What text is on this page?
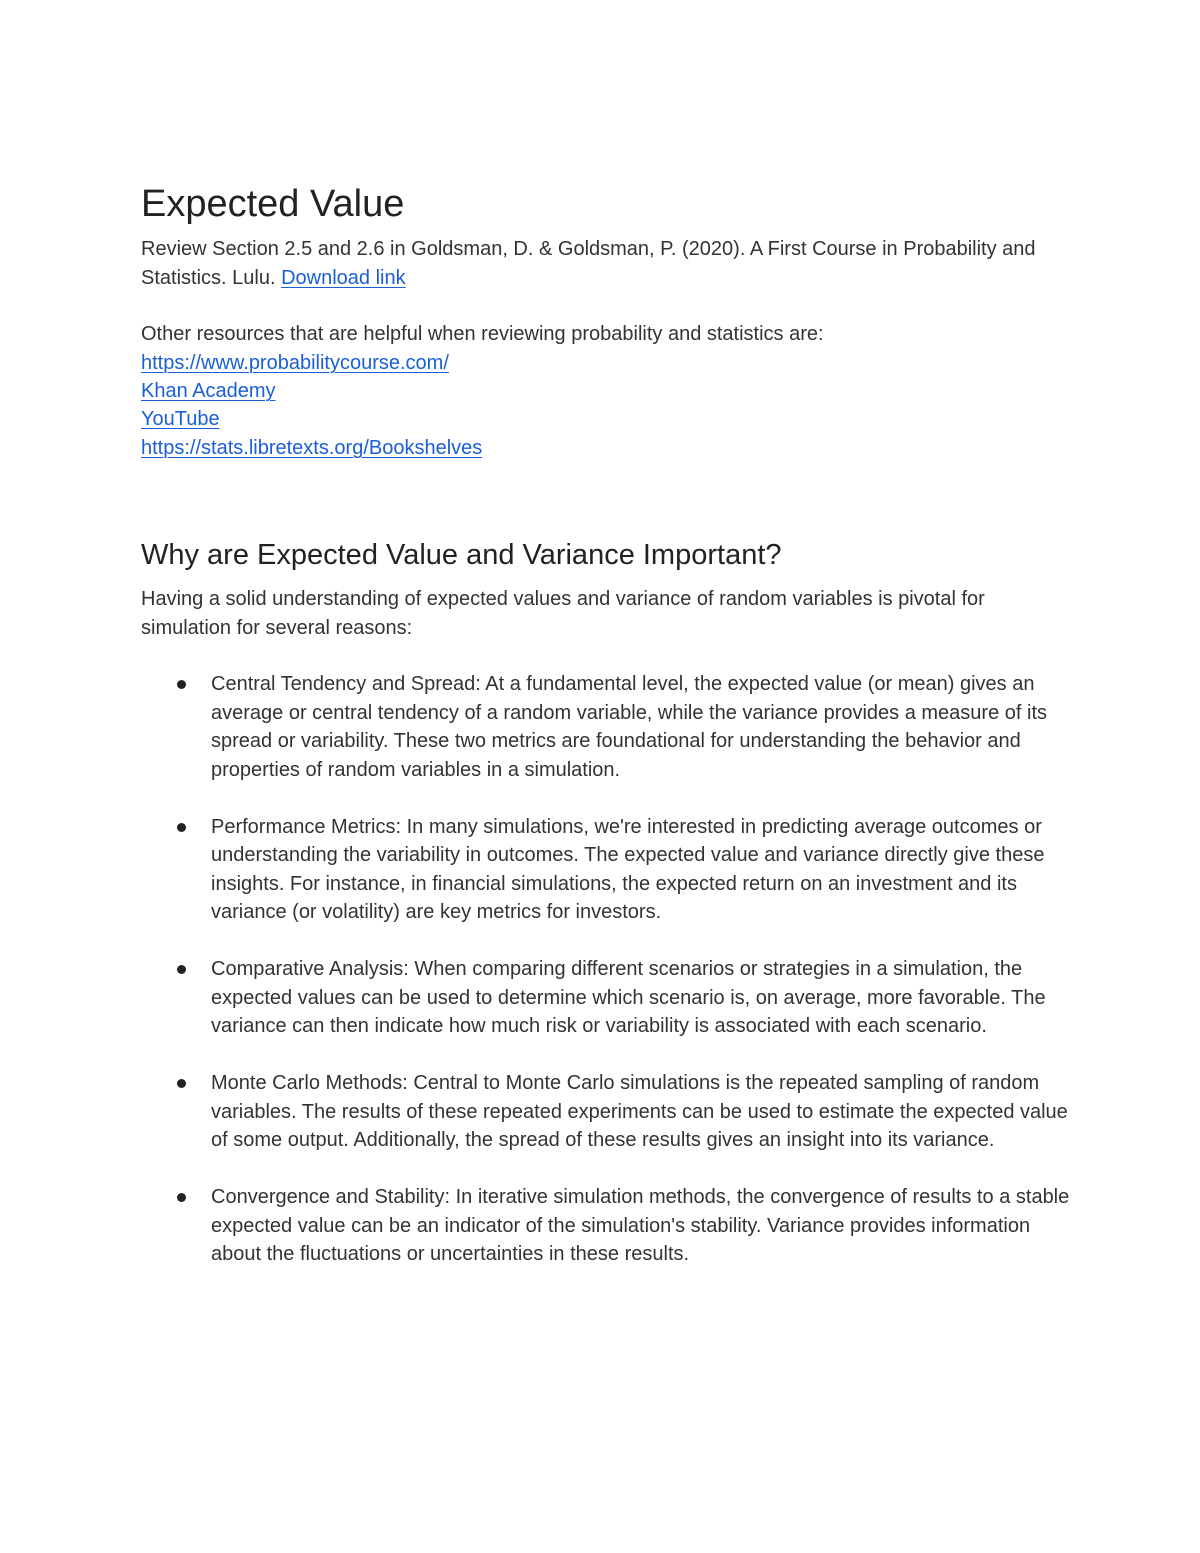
Expected Value

Review Section 2.5 and 2.6 in Goldsman, D. & Goldsman, P. (2020). A First Course in Probability and Statistics. Lulu. Download link

Other resources that are helpful when reviewing probability and statistics are:

https://www.probabilitycourse.com/
Khan Academy
YouTube
https://stats.libretexts.org/Bookshelves
Why are Expected Value and Variance Important?

Having a solid understanding of expected values and variance of random variables is pivotal for simulation for several reasons:

Central Tendency and Spread: At a fundamental level, the expected value (or mean) gives an average or central tendency of a random variable, while the variance provides a measure of its spread or variability. These two metrics are foundational for understanding the behavior and properties of random variables in a simulation.
Performance Metrics: In many simulations, we're interested in predicting average outcomes or understanding the variability in outcomes. The expected value and variance directly give these insights. For instance, in financial simulations, the expected return on an investment and its variance (or volatility) are key metrics for investors.
Comparative Analysis: When comparing different scenarios or strategies in a simulation, the expected values can be used to determine which scenario is, on average, more favorable. The variance can then indicate how much risk or variability is associated with each scenario.
Monte Carlo Methods: Central to Monte Carlo simulations is the repeated sampling of random variables. The results of these repeated experiments can be used to estimate the expected value of some output. Additionally, the spread of these results gives an insight into its variance.
Convergence and Stability: In iterative simulation methods, the convergence of results to a stable expected value can be an indicator of the simulation's stability. Variance provides information about the fluctuations or uncertainties in these results.
